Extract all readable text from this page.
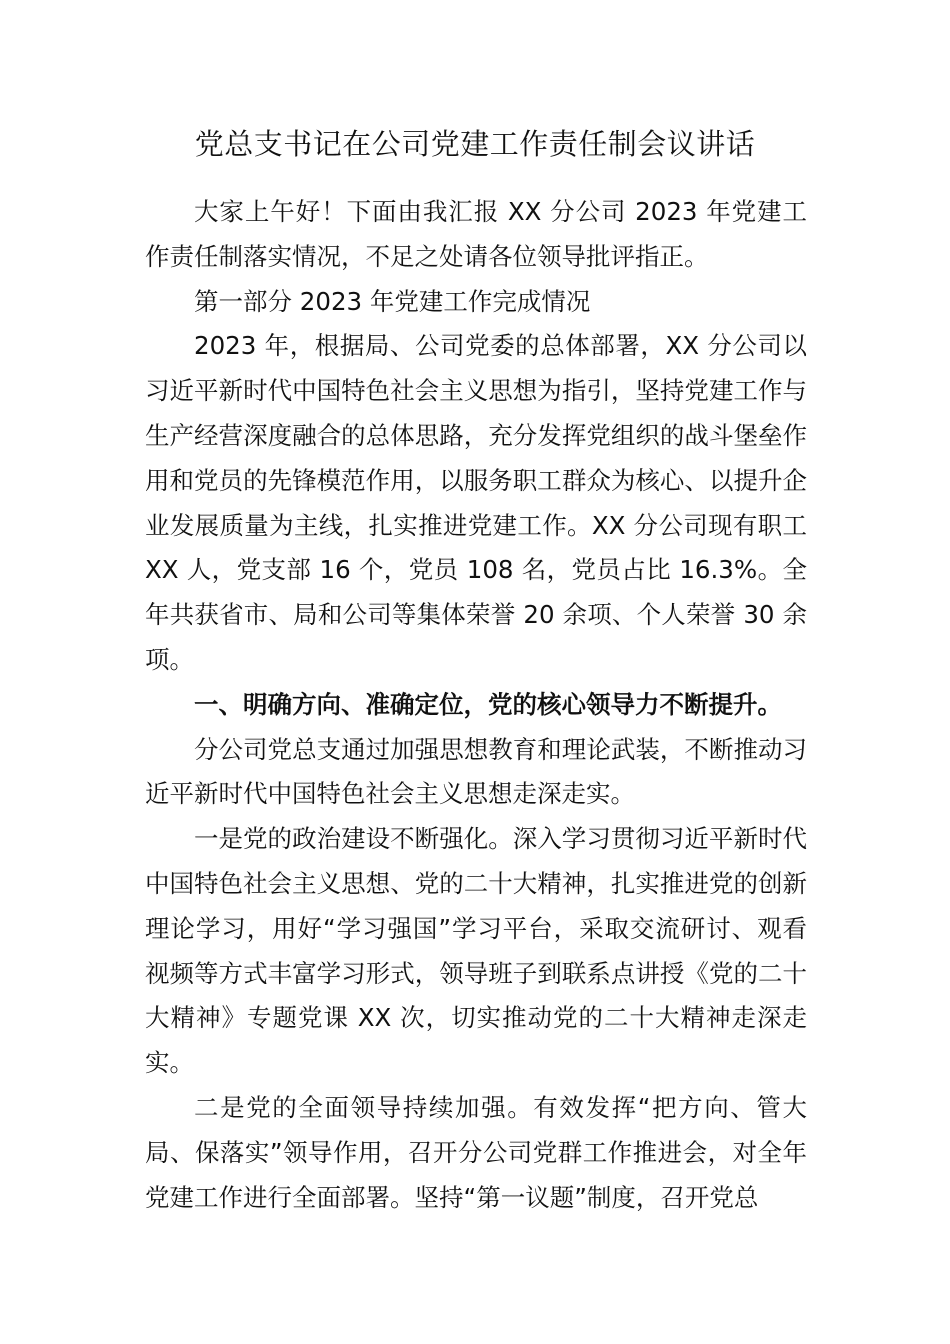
党总支书记在公司党建工作责任制会议讲话

大家上午好！下面由我汇报 XX 分公司 2023 年党建工作责任制落实情况，不足之处请各位领导批评指正。

第一部分 2023 年党建工作完成情况

2023 年，根据局、公司党委的总体部署，XX 分公司以习近平新时代中国特色社会主义思想为指引，坚持党建工作与生产经营深度融合的总体思路，充分发挥党组织的战斗堡垒作用和党员的先锋模范作用，以服务职工群众为核心、以提升企业发展质量为主线，扎实推进党建工作。XX 分公司现有职工 XX 人，党支部 16 个，党员 108 名，党员占比 16.3%。全年共获省市、局和公司等集体荣誉 20 余项、个人荣誉 30 余项。

一、明确方向、准确定位，党的核心领导力不断提升。

分公司党总支通过加强思想教育和理论武装，不断推动习近平新时代中国特色社会主义思想走深走实。

一是党的政治建设不断强化。深入学习贯彻习近平新时代中国特色社会主义思想、党的二十大精神，扎实推进党的创新理论学习，用好“学习强国”学习平台，采取交流研讨、观看视频等方式丰富学习形式，领导班子到联系点讲授《党的二十大精神》专题党课 XX 次，切实推动党的二十大精神走深走实。

二是党的全面领导持续加强。有效发挥“把方向、管大局、保落实”领导作用，召开分公司党群工作推进会，对全年党建工作进行全面部署。坚持“第一议题”制度，召开党总
